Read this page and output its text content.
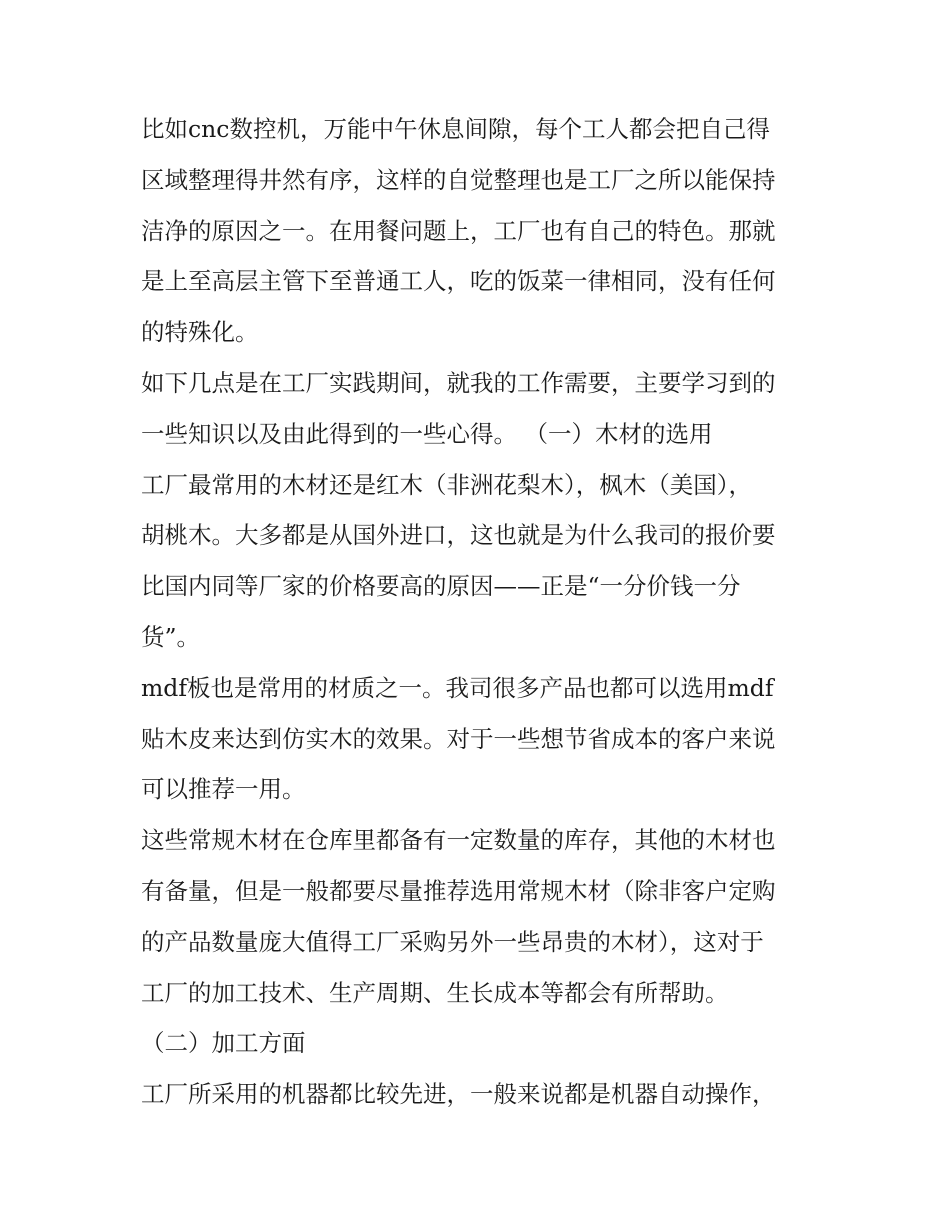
比如cnc数控机，万能中午休息间隙，每个工人都会把自己得
区域整理得井然有序，这样的自觉整理也是工厂之所以能保持
洁净的原因之一。在用餐问题上，工厂也有自己的特色。那就
是上至高层主管下至普通工人，吃的饭菜一律相同，没有任何
的特殊化。
如下几点是在工厂实践期间，就我的工作需要，主要学习到的
一些知识以及由此得到的一些心得。 （一）木材的选用
工厂最常用的木材还是红木（非洲花梨木），枫木（美国），
胡桃木。大多都是从国外进口，这也就是为什么我司的报价要
比国内同等厂家的价格要高的原因——正是“一分价钱一分
货”。
mdf板也是常用的材质之一。我司很多产品也都可以选用mdf
贴木皮来达到仿实木的效果。对于一些想节省成本的客户来说
可以推荐一用。
这些常规木材在仓库里都备有一定数量的库存，其他的木材也
有备量，但是一般都要尽量推荐选用常规木材（除非客户定购
的产品数量庞大值得工厂采购另外一些昂贵的木材），这对于
工厂的加工技术、生产周期、生长成本等都会有所帮助。
（二）加工方面
工厂所采用的机器都比较先进，一般来说都是机器自动操作，
